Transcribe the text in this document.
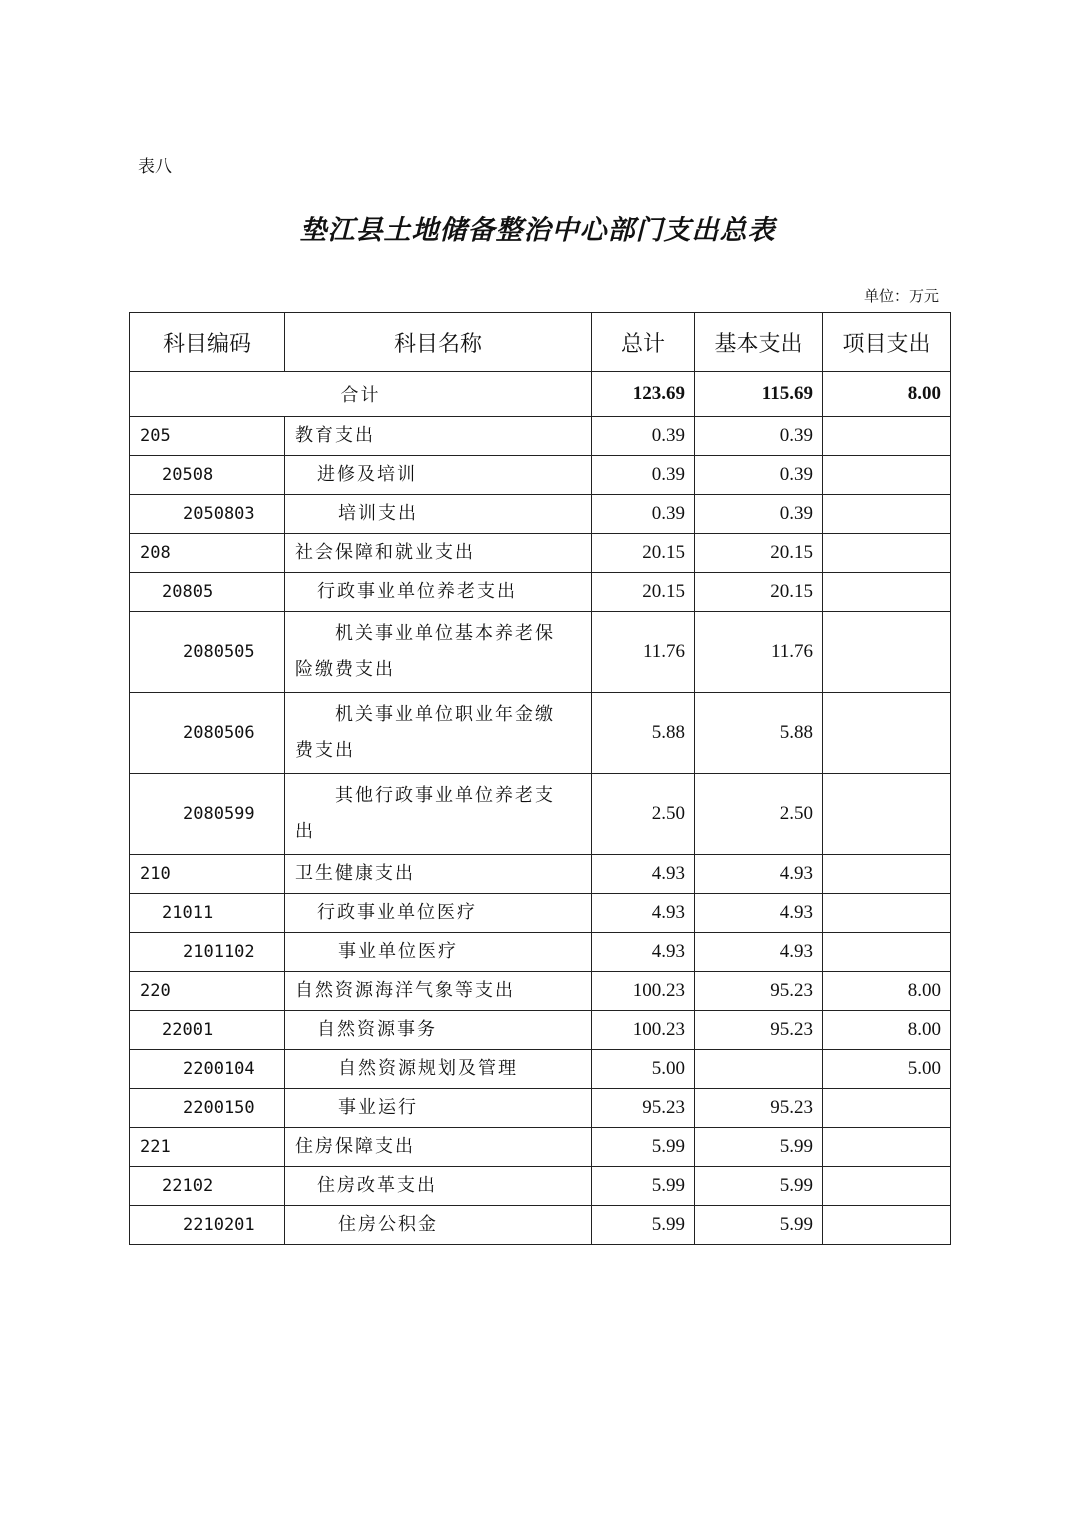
表八
垫江县土地储备整治中心部门支出总表
单位：万元
科目编码	科目名称	总计	基本支出	项目支出
合计		123.69	115.69	8.00
205	教育支出	0.39	0.39	
20508	进修及培训	0.39	0.39	
2050803	培训支出	0.39	0.39	
208	社会保障和就业支出	20.15	20.15	
20805	行政事业单位养老支出	20.15	20.15	
2080505	机关事业单位基本养老保
险缴费支出	11.76	11.76	
2080506	机关事业单位职业年金缴
费支出	5.88	5.88	
2080599	其他行政事业单位养老支
出	2.50	2.50	
210	卫生健康支出	4.93	4.93	
21011	行政事业单位医疗	4.93	4.93	
2101102	事业单位医疗	4.93	4.93	
220	自然资源海洋气象等支出	100.23	95.23	8.00
22001	自然资源事务	100.23	95.23	8.00
2200104	自然资源规划及管理	5.00		5.00
2200150	事业运行	95.23	95.23	
221	住房保障支出	5.99	5.99	
22102	住房改革支出	5.99	5.99	
2210201	住房公积金	5.99	5.99	
